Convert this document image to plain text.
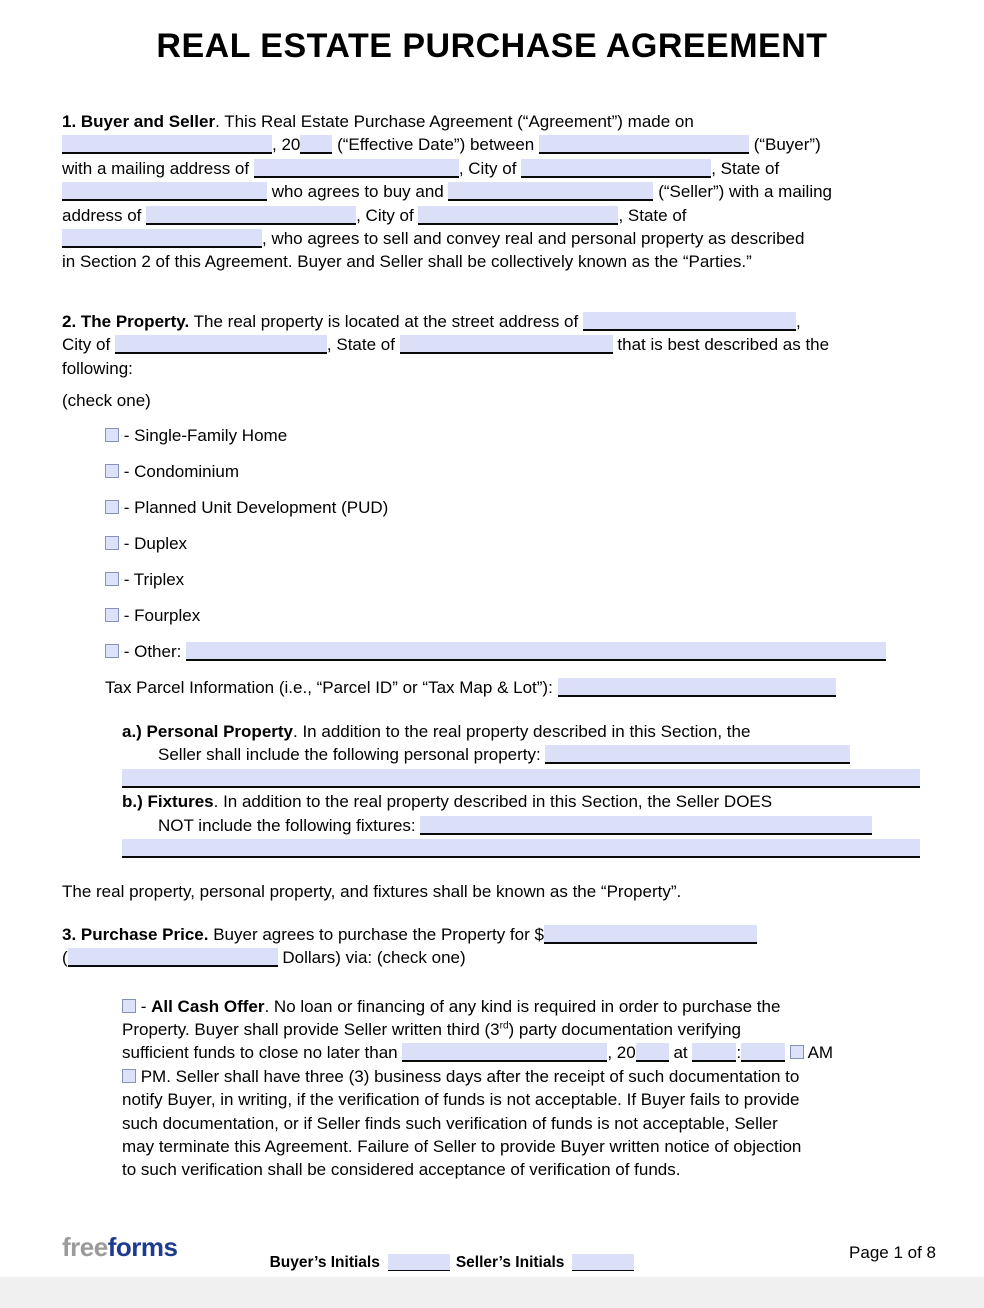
REAL ESTATE PURCHASE AGREEMENT
1. Buyer and Seller. This Real Estate Purchase Agreement (“Agreement”) made on
, 20 (“Effective Date”) between	(“Buyer”)
with a mailing address of	, City of	, State of
who agrees to buy and	(“Seller”) with a mailing
address of	, City of	, State of
, who agrees to sell and convey real and personal property as described
in Section 2 of this Agreement. Buyer and Seller shall be collectively known as the “Parties.”
2. The Property. The real property is located at the street address of	,
City of	, State of	that is best described as the
following:
(check one)
- Single-Family Home
- Condominium
- Planned Unit Development (PUD)
- Duplex
- Triplex
- Fourplex
- Other:
Tax Parcel Information (i.e., “Parcel ID” or “Tax Map & Lot”):
a.) Personal Property. In addition to the real property described in this Section, the
Seller shall include the following personal property:
b.) Fixtures. In addition to the real property described in this Section, the Seller DOES
NOT include the following fixtures:
The real property, personal property, and fixtures shall be known as the “Property”.
3. Purchase Price. Buyer agrees to purchase the Property for $
(	Dollars) via: (check one)
- All Cash Offer. No loan or financing of any kind is required in order to purchase the
Property. Buyer shall provide Seller written third (3rd) party documentation verifying
sufficient funds to close no later than	, 20 at	:	AM
PM. Seller shall have three (3) business days after the receipt of such documentation to
notify Buyer, in writing, if the verification of funds is not acceptable. If Buyer fails to provide
such documentation, or if Seller finds such verification of funds is not acceptable, Seller
may terminate this Agreement. Failure of Seller to provide Buyer written notice of objection
to such verification shall be considered acceptance of verification of funds.
freeforms
Buyer’s Initials	Seller’s Initials
Page 1 of 8
